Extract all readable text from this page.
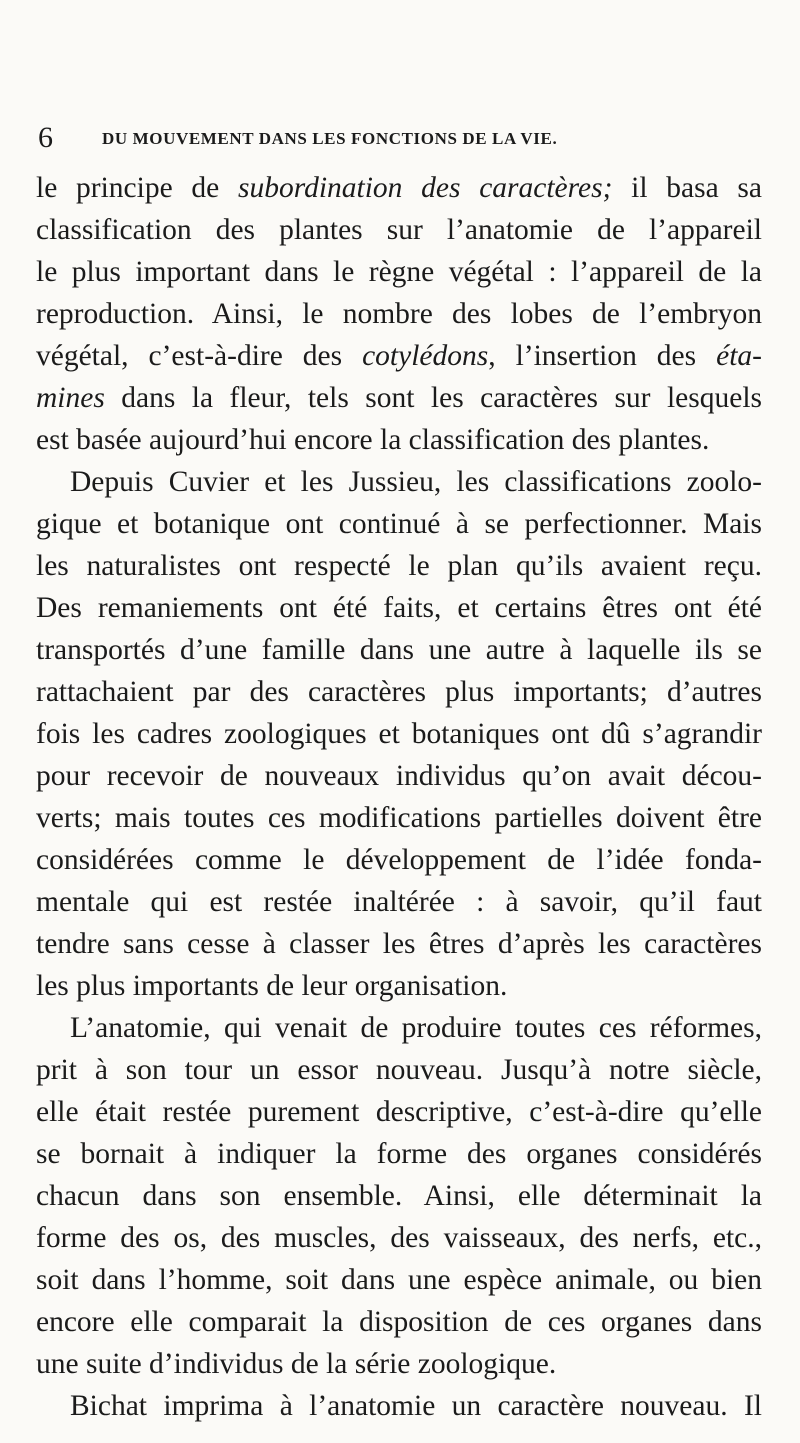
6	DU MOUVEMENT DANS LES FONCTIONS DE LA VIE.
le principe de subordination des caractères; il basa sa
classification des plantes sur l’anatomie de l’appareil
le plus important dans le règne végétal : l’appareil de la
reproduction. Ainsi, le nombre des lobes de l’embryon
végétal, c’est-à-dire des cotylédons, l’insertion des éta-
mines dans la fleur, tels sont les caractères sur lesquels
est basée aujourd’hui encore la classification des plantes.
Depuis Cuvier et les Jussieu, les classifications zoolo-
gique et botanique ont continué à se perfectionner. Mais
les naturalistes ont respecté le plan qu’ils avaient reçu.
Des remaniements ont été faits, et certains êtres ont été
transportés d’une famille dans une autre à laquelle ils se
rattachaient par des caractères plus importants; d’autres
fois les cadres zoologiques et botaniques ont dû s’agrandir
pour recevoir de nouveaux individus qu’on avait décou-
verts; mais toutes ces modifications partielles doivent être
considérées comme le développement de l’idée fonda-
mentale qui est restée inaltérée : à savoir, qu’il faut
tendre sans cesse à classer les êtres d’après les caractères
les plus importants de leur organisation.
L’anatomie, qui venait de produire toutes ces réformes,
prit à son tour un essor nouveau. Jusqu’à notre siècle,
elle était restée purement descriptive, c’est-à-dire qu’elle
se bornait à indiquer la forme des organes considérés
chacun dans son ensemble. Ainsi, elle déterminait la
forme des os, des muscles, des vaisseaux, des nerfs, etc.,
soit dans l’homme, soit dans une espèce animale, ou bien
encore elle comparait la disposition de ces organes dans
une suite d’individus de la série zoologique.
Bichat imprima à l’anatomie un caractère nouveau. Il
